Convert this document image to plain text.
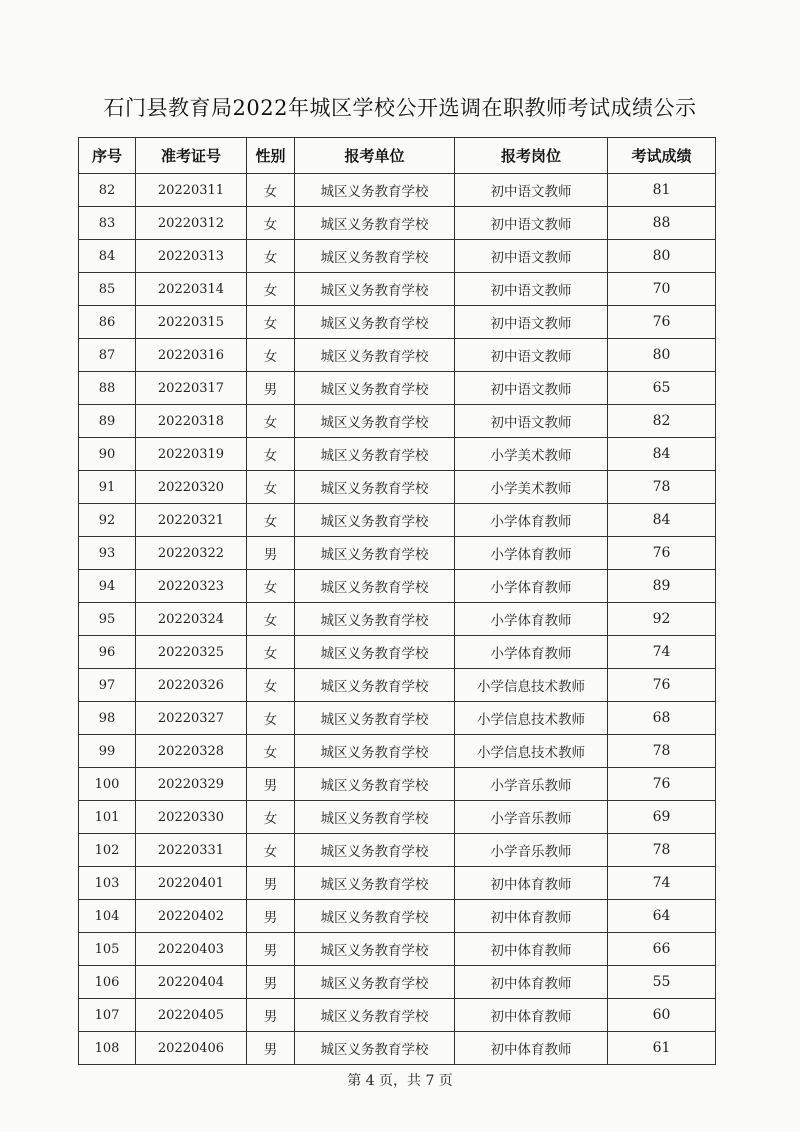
石门县教育局2022年城区学校公开选调在职教师考试成绩公示
序号	准考证号	性别	报考单位	报考岗位	考试成绩
82	20220311	女	城区义务教育学校	初中语文教师	81
83	20220312	女	城区义务教育学校	初中语文教师	88
84	20220313	女	城区义务教育学校	初中语文教师	80
85	20220314	女	城区义务教育学校	初中语文教师	70
86	20220315	女	城区义务教育学校	初中语文教师	76
87	20220316	女	城区义务教育学校	初中语文教师	80
88	20220317	男	城区义务教育学校	初中语文教师	65
89	20220318	女	城区义务教育学校	初中语文教师	82
90	20220319	女	城区义务教育学校	小学美术教师	84
91	20220320	女	城区义务教育学校	小学美术教师	78
92	20220321	女	城区义务教育学校	小学体育教师	84
93	20220322	男	城区义务教育学校	小学体育教师	76
94	20220323	女	城区义务教育学校	小学体育教师	89
95	20220324	女	城区义务教育学校	小学体育教师	92
96	20220325	女	城区义务教育学校	小学体育教师	74
97	20220326	女	城区义务教育学校	小学信息技术教师	76
98	20220327	女	城区义务教育学校	小学信息技术教师	68
99	20220328	女	城区义务教育学校	小学信息技术教师	78
100	20220329	男	城区义务教育学校	小学音乐教师	76
101	20220330	女	城区义务教育学校	小学音乐教师	69
102	20220331	女	城区义务教育学校	小学音乐教师	78
103	20220401	男	城区义务教育学校	初中体育教师	74
104	20220402	男	城区义务教育学校	初中体育教师	64
105	20220403	男	城区义务教育学校	初中体育教师	66
106	20220404	男	城区义务教育学校	初中体育教师	55
107	20220405	男	城区义务教育学校	初中体育教师	60
108	20220406	男	城区义务教育学校	初中体育教师	61
第 4 页，共 7 页
